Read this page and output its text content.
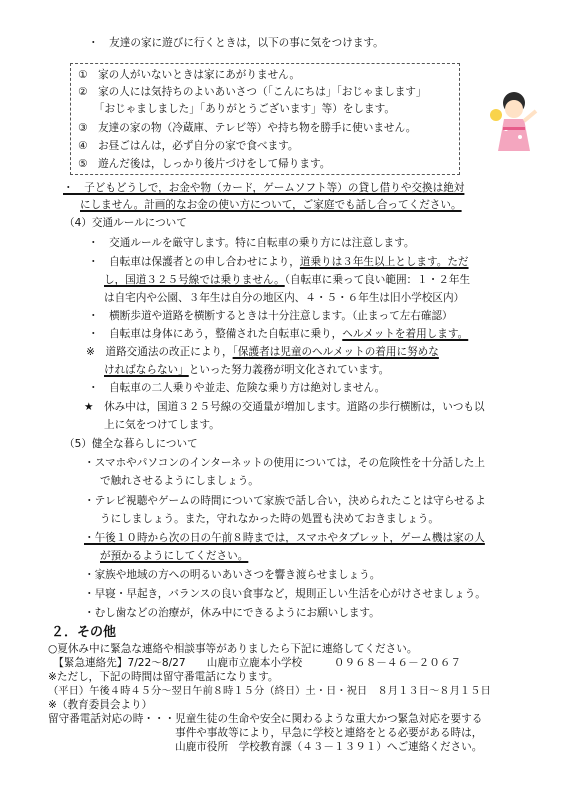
・　友達の家に遊びに行くときは，以下の事に気をつけます。
①　家の人がいないときは家にあがりません。
②　家の人には気持ちのよいあいさつ（「こんにちは」「おじゃまします」
　　「おじゃましました」「ありがとうございます」等）をします。
③　友達の家の物（冷蔵庫、テレビ等）や持ち物を勝手に使いません。
④　お昼ごはんは，必ず自分の家で食べます。
⑤　遊んだ後は，しっかり後片づけをして帰ります。
・　子どもどうしで，お金や物（カード，ゲームソフト等）の貸し借りや交換は絶対
にしません。計画的なお金の使い方について，ご家庭でも話し合ってください。
（4）交通ルールについて
・　交通ルールを厳守します。特に自転車の乗り方には注意します。
・　自転車は保護者との申し合わせにより，道乗りは３年生以上とします。ただ
し，国道３２５号線では乗りません。（自転車に乗って良い範囲：１・２年生
は自宅内や公園、３年生は自分の地区内、４・５・６年生は旧小学校区内）
・　横断歩道や道路を横断するときは十分注意します。（止まって左右確認）
・　自転車は身体にあう，整備された自転車に乗り，ヘルメットを着用します。
※　道路交通法の改正により，「保護者は児童のヘルメットの着用に努めな
ければならない」といった努力義務が明文化されています。
・　自転車の二人乗りや並走、危険な乗り方は絶対しません。
★　休み中は，国道３２５号線の交通量が増加します。道路の歩行横断は，いつも以
上に気をつけてします。
（5）健全な暮らしについて
・スマホやパソコンのインターネットの使用については，その危険性を十分話した上
で触れさせるようにしましょう。
・テレビ視聴やゲームの時間について家族で話し合い，決められたことは守らせるよ
うにしましょう。また，守れなかった時の処置も決めておきましょう。
・午後１０時から次の日の午前８時までは，スマホやタブレット，ゲーム機は家の人
が預かるようにしてください。
・家族や地域の方への明るいあいさつを響き渡らせましょう。
・早寝・早起き，バランスの良い食事など，規則正しい生活を心がけさせましょう。
・むし歯などの治療が，休み中にできるようにお願いします。
２．その他
○夏休み中に緊急な連絡や相談事等がありましたら下記に連絡してください。
　【緊急連絡先】7/22～8/27　　山鹿市立鹿本小学校　　　０９６８－４６－２０６７
※ただし，下記の時間は留守番電話になります。
（平日）午後４時４５分～翌日午前８時１５分（終日）土・日・祝日　８月１３日～８月１５日
※（教育委員会より）
留守番電話対応の時・・・児童生徒の生命や安全に関わるような重大かつ緊急対応を要する
　　　　　　　　　　　　事件や事故等により，早急に学校と連絡をとる必要がある時は，
　　　　　　　　　　　　山鹿市役所　学校教育課（４３－１３９１）へご連絡ください。
